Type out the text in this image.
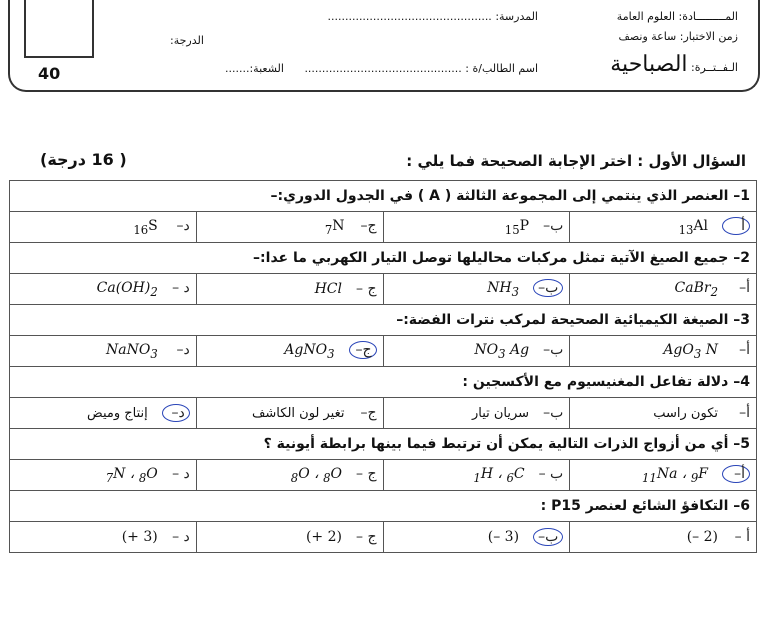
40
المـــــــــادة: العلوم العامة
زمن الاختبار: ساعة ونصف
الـفــتــرة: الصباحية
المدرسة: ...............................................
اسم الطالب/ة : .............................................
الشعبة:.......
الدرجة:
السؤال الأول : اختر الإجابة الصحيحة فما يلي :
( 16 درجة)
1– العنصر الذي ينتمي إلى المجموعة الثالثة ( A ) في الجدول الدوري:–			
أ$_{13}$Al	$ب-_{15}P$	$ج-_7N$	$د-_{16}S$
2– جميع الصيغ الآتية تمثل مركبات محاليلها توصل التيار الكهربي ما عدا:–			
أ–CaBr$_2$	$ب-NH_3$	ج –HCl	د $-Ca(OH)_2$
3– الصيغة الكيميائية الصحيحة لمركب نترات الفضة:–			
أ–AgO$_3$ N	$ب-NO_3$ Ag	ج–AgNO$_3$	د–NaNO$_3$
4– دلالة تفاعل المغنيسيوم مع الأكسجين :			
أ–تكون راسب	ب–سريان تيار	ج–تغير لون الكاشف	د–إنتاج وميض
5– أي من أزواج الذرات التالية يمكن أن ترتبط فيما بينها برابطة أيونية ؟			
$أ-_{11}Na$ ، $_9$F	ب $-_1H$ ، $_6$C	ج $-_8O$ ، $_8$O	د $-_7N$ ، $_8$O
6– التكافؤ الشائع لعنصر P15 :			
أ –(2 –)	ب–(3 –)	ج –(2 +)	د –(3 +)
